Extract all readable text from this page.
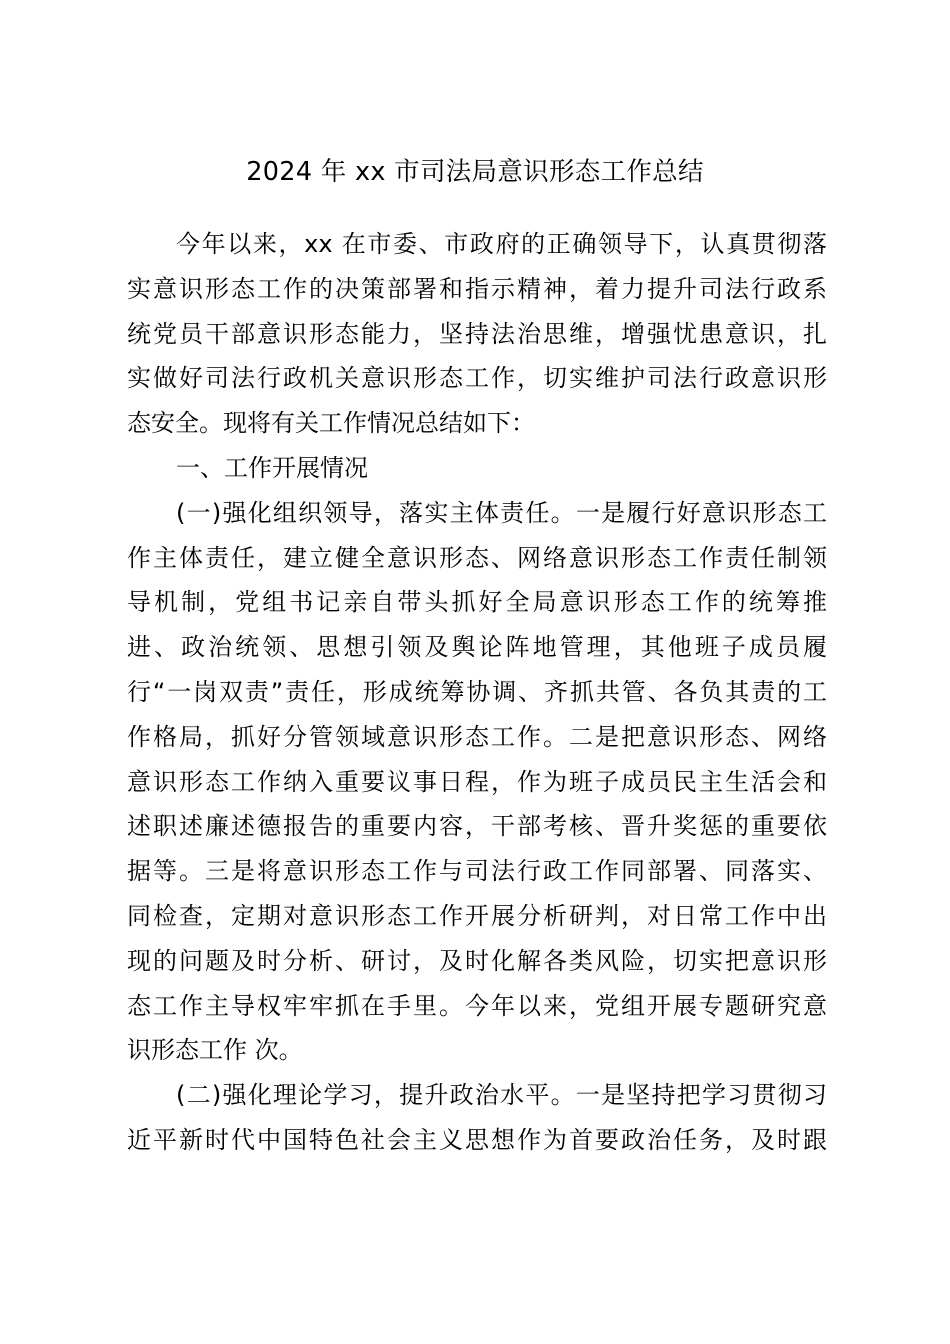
2024 年 xx 市司法局意识形态工作总结
今年以来，xx 在市委、市政府的正确领导下，认真贯彻落
实意识形态工作的决策部署和指示精神，着力提升司法行政系
统党员干部意识形态能力，坚持法治思维，增强忧患意识，扎
实做好司法行政机关意识形态工作，切实维护司法行政意识形
态安全。现将有关工作情况总结如下：
一、工作开展情况
(一)强化组织领导，落实主体责任。一是履行好意识形态工
作主体责任，建立健全意识形态、网络意识形态工作责任制领
导机制，党组书记亲自带头抓好全局意识形态工作的统筹推
进、政治统领、思想引领及舆论阵地管理，其他班子成员履
行“一岗双责”责任，形成统筹协调、齐抓共管、各负其责的工
作格局，抓好分管领域意识形态工作。二是把意识形态、网络
意识形态工作纳入重要议事日程，作为班子成员民主生活会和
述职述廉述德报告的重要内容，干部考核、晋升奖惩的重要依
据等。三是将意识形态工作与司法行政工作同部署、同落实、
同检查，定期对意识形态工作开展分析研判，对日常工作中出
现的问题及时分析、研讨，及时化解各类风险，切实把意识形
态工作主导权牢牢抓在手里。今年以来，党组开展专题研究意
识形态工作 次。
(二)强化理论学习，提升政治水平。一是坚持把学习贯彻习
近平新时代中国特色社会主义思想作为首要政治任务，及时跟
